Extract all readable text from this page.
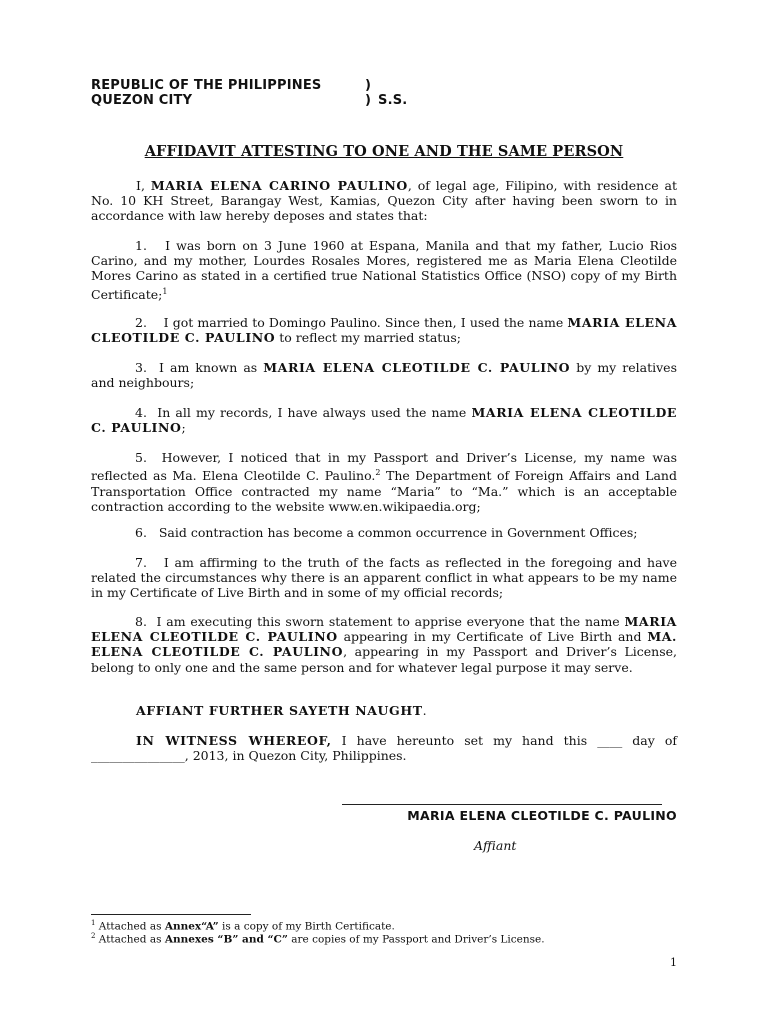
REPUBLIC OF THE PHILIPPINES	)
QUEZON CITY	) S.S.
AFFIDAVIT ATTESTING TO ONE AND THE SAME PERSON

I, MARIA ELENA CARINO PAULINO, of legal age, Filipino, with residence at No. 10 KH Street, Barangay West, Kamias, Quezon City after having been sworn to in accordance with law hereby deposes and states that:

1. I was born on 3 June 1960 at Espana, Manila and that my father, Lucio Rios Carino, and my mother, Lourdes Rosales Mores, registered me as Maria Elena Cleotilde Mores Carino as stated in a certified true National Statistics Office (NSO) copy of my Birth Certificate;$^1$

2. I got married to Domingo Paulino. Since then, I used the name MARIA ELENA CLEOTILDE C. PAULINO to reflect my married status;

3. I am known as MARIA ELENA CLEOTILDE C. PAULINO by my relatives and neighbours;

4. In all my records, I have always used the name MARIA ELENA CLEOTILDE C. PAULINO;

5. However, I noticed that in my Passport and Driver’s License, my name was reflected as Ma. Elena Cleotilde C. Paulino.$^2$ The Department of Foreign Affairs and Land Transportation Office contracted my name “Maria” to “Ma.” which is an acceptable contraction according to the website www.en.wikipaedia.org;

6. Said contraction has become a common occurrence in Government Offices;

7. I am affirming to the truth of the facts as reflected in the foregoing and have related the circumstances why there is an apparent conflict in what appears to be my name in my Certificate of Live Birth and in some of my official records;

8. I am executing this sworn statement to apprise everyone that the name MARIA ELENA CLEOTILDE C. PAULINO appearing in my Certificate of Live Birth and MA. ELENA CLEOTILDE C. PAULINO, appearing in my Passport and Driver’s License, belong to only one and the same person and for whatever legal purpose it may serve.

AFFIANT FURTHER SAYETH NAUGHT.

IN WITNESS WHEREOF, I have hereunto set my hand this ____ day of _______________, 2013, in Quezon City, Philippines.

MARIA ELENA CLEOTILDE C. PAULINO
Affiant
$^1$ Attached as Annex“A” is a copy of my Birth Certificate.
$^2$ Attached as Annexes “B” and “C” are copies of my Passport and Driver’s License.
1
